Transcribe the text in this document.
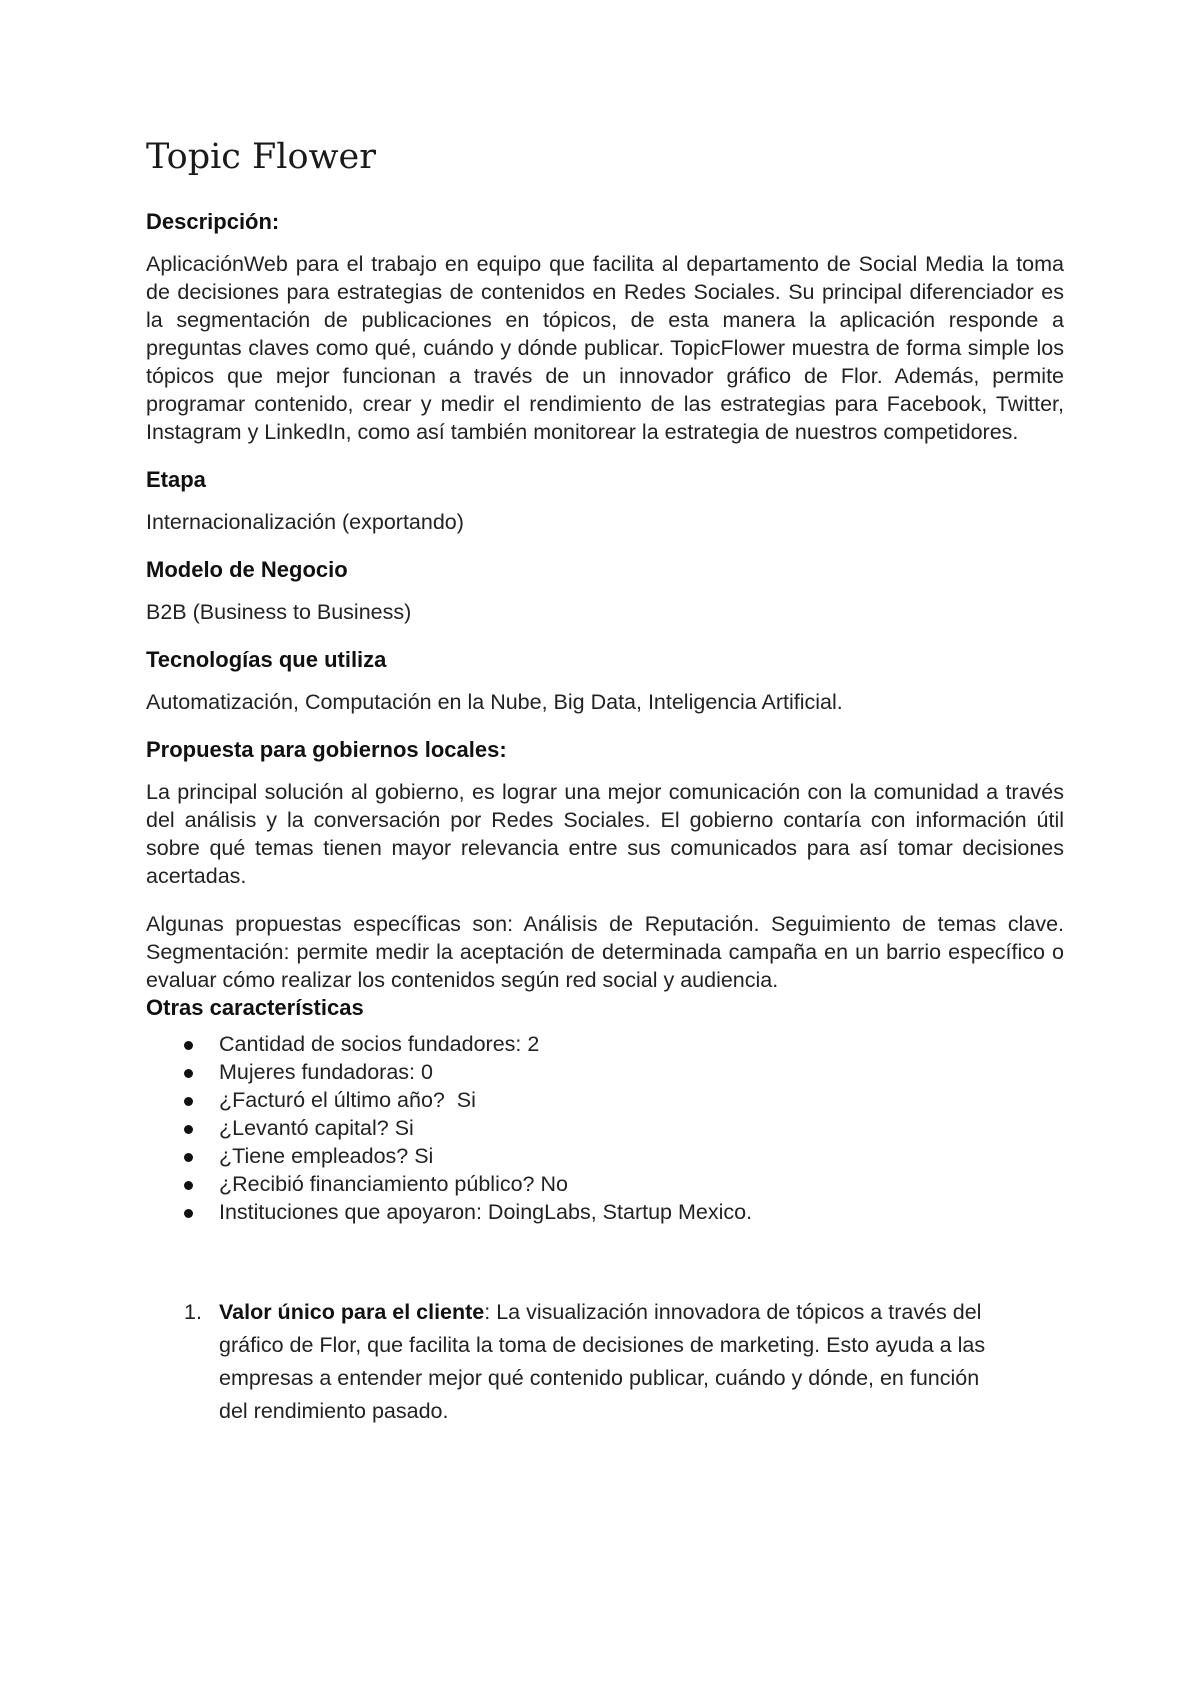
Topic Flower
Descripción:

AplicaciónWeb para el trabajo en equipo que facilita al departamento de Social Media la toma de decisiones para estrategias de contenidos en Redes Sociales. Su principal diferenciador es la segmentación de publicaciones en tópicos, de esta manera la aplicación responde a preguntas claves como qué, cuándo y dónde publicar. TopicFlower muestra de forma simple los tópicos que mejor funcionan a través de un innovador gráfico de Flor. Además, permite programar contenido, crear y medir el rendimiento de las estrategias para Facebook, Twitter, Instagram y LinkedIn, como así también monitorear la estrategia de nuestros competidores.

Etapa

Internacionalización (exportando)

Modelo de Negocio

B2B (Business to Business)

Tecnologías que utiliza

Automatización, Computación en la Nube, Big Data, Inteligencia Artificial.

Propuesta para gobiernos locales:

La principal solución al gobierno, es lograr una mejor comunicación con la comunidad a través del análisis y la conversación por Redes Sociales. El gobierno contaría con información útil sobre qué temas tienen mayor relevancia entre sus comunicados para así tomar decisiones acertadas.

Algunas propuestas específicas son: Análisis de Reputación. Seguimiento de temas clave. Segmentación: permite medir la aceptación de determinada campaña en un barrio específico o evaluar cómo realizar los contenidos según red social y audiencia.

Otras características
Cantidad de socios fundadores: 2
Mujeres fundadoras: 0
¿Facturó el último año?  Si
¿Levantó capital? Si
¿Tiene empleados? Si
¿Recibió financiamiento público? No
Instituciones que apoyaron: DoingLabs, Startup Mexico.
1. Valor único para el cliente: La visualización innovadora de tópicos a través del gráfico de Flor, que facilita la toma de decisiones de marketing. Esto ayuda a las empresas a entender mejor qué contenido publicar, cuándo y dónde, en función del rendimiento pasado.
